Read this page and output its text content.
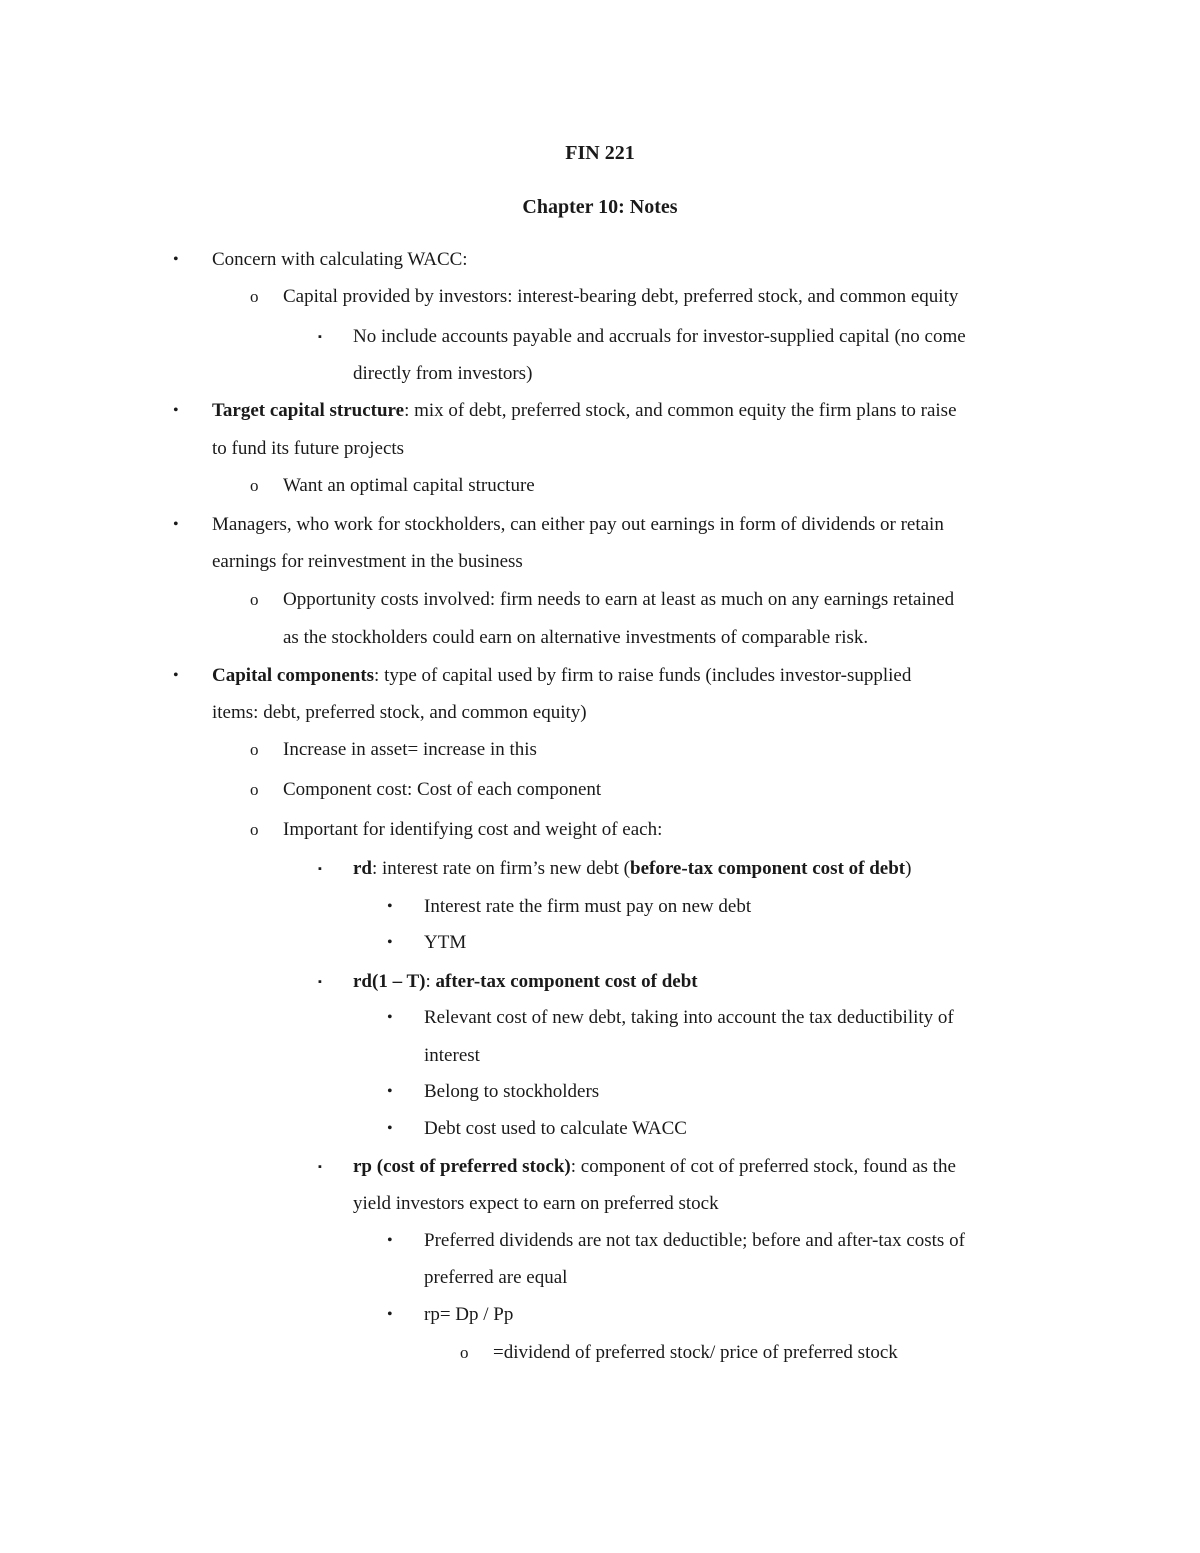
FIN 221
Chapter 10: Notes
• Concern with calculating WACC:
o Capital provided by investors: interest-bearing debt, preferred stock, and common equity
▪ No include accounts payable and accruals for investor-supplied capital (no come
directly from investors)
• Target capital structure: mix of debt, preferred stock, and common equity the firm plans to raise
to fund its future projects
o Want an optimal capital structure
• Managers, who work for stockholders, can either pay out earnings in form of dividends or retain
earnings for reinvestment in the business
o Opportunity costs involved: firm needs to earn at least as much on any earnings retained
as the stockholders could earn on alternative investments of comparable risk.
• Capital components: type of capital used by firm to raise funds (includes investor-supplied
items: debt, preferred stock, and common equity)
o Increase in asset= increase in this
o Component cost: Cost of each component
o Important for identifying cost and weight of each:
▪ rd: interest rate on firm’s new debt (before-tax component cost of debt)
• Interest rate the firm must pay on new debt
• YTM
▪ rd(1 – T): after-tax component cost of debt
• Relevant cost of new debt, taking into account the tax deductibility of
interest
• Belong to stockholders
• Debt cost used to calculate WACC
▪ rp (cost of preferred stock): component of cot of preferred stock, found as the
yield investors expect to earn on preferred stock
• Preferred dividends are not tax deductible; before and after-tax costs of
preferred are equal
• rp= Dp / Pp
o =dividend of preferred stock/ price of preferred stock
